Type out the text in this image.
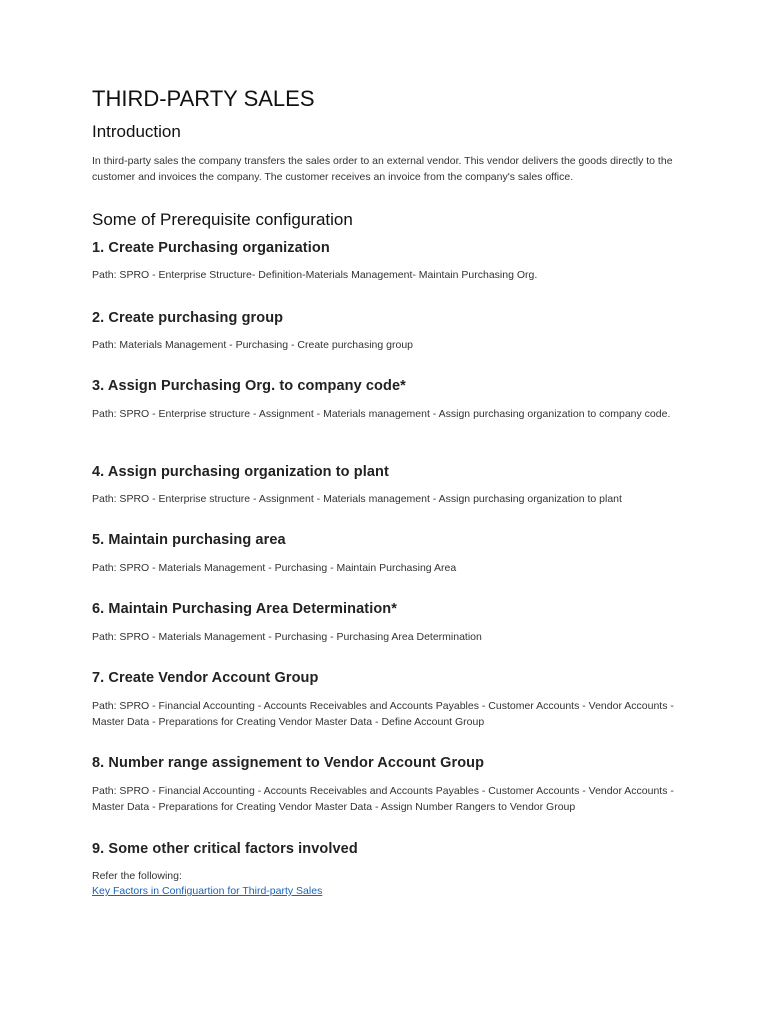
THIRD-PARTY SALES
Introduction

In third-party sales the company transfers the sales order to an external vendor. This vendor delivers the goods directly to the customer and invoices the company. The customer receives an invoice from the company's sales office.

Some of Prerequisite configuration
1. Create Purchasing organization

Path: SPRO - Enterprise Structure- Definition-Materials Management- Maintain Purchasing Org.

2. Create purchasing group

Path: Materials Management - Purchasing - Create purchasing group

3. Assign Purchasing Org. to company code*

Path: SPRO - Enterprise structure - Assignment - Materials management - Assign purchasing organization to company code.

4. Assign purchasing organization to plant

Path: SPRO - Enterprise structure - Assignment - Materials management - Assign purchasing organization to plant

5. Maintain purchasing area

Path: SPRO - Materials Management - Purchasing - Maintain Purchasing Area

6. Maintain Purchasing Area Determination*

Path: SPRO - Materials Management - Purchasing - Purchasing Area Determination

7. Create Vendor Account Group

Path: SPRO - Financial Accounting - Accounts Receivables and Accounts Payables - Customer Accounts - Vendor Accounts - Master Data - Preparations for Creating Vendor Master Data - Define Account Group

8. Number range assignement to Vendor Account Group

Path: SPRO - Financial Accounting - Accounts Receivables and Accounts Payables - Customer Accounts - Vendor Accounts - Master Data - Preparations for Creating Vendor Master Data - Assign Number Rangers to Vendor Group

9. Some other critical factors involved

Refer the following:

Key Factors in Configuartion for Third-party Sales
